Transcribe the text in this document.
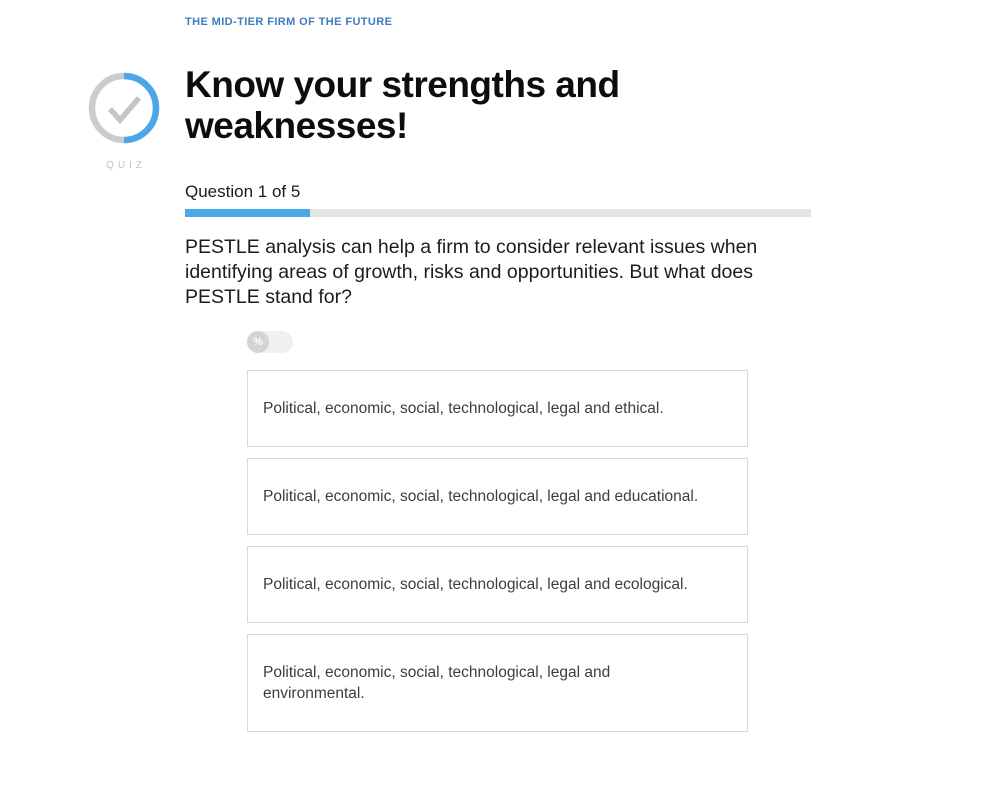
THE MID-TIER FIRM OF THE FUTURE
QUIZ
Know your strengths and weaknesses!
Question 1 of 5
PESTLE analysis can help a firm to consider relevant issues when identifying areas of growth, risks and opportunities. But what does PESTLE stand for?
%
Political, economic, social, technological, legal and ethical.
Political, economic, social, technological, legal and educational.
Political, economic, social, technological, legal and ecological.
Political, economic, social, technological, legal and environmental.
